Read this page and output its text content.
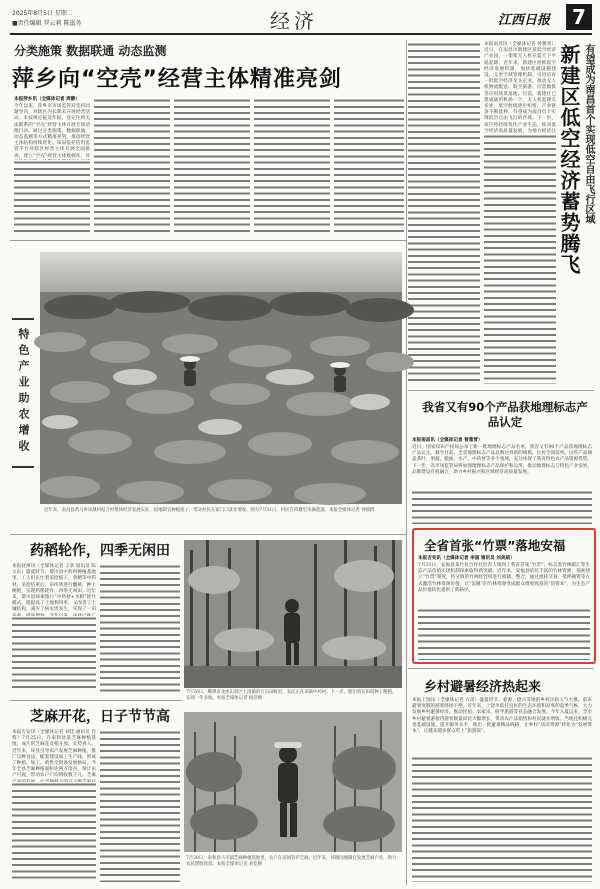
2025年8月5日 星期二
■责任编辑 罗云莉 陈滋务	经济	江西日报	7
分类施策 数据联通 动态监测
萍乡向“空壳”经营主体精准亮剑
本报萍乡讯（全媒体记者 周静）
今年以来，萍乡市市场监管局坚持问题导向，对辖区内长期未开展经营活动、未按规定报送年报、登记住所无法联系的“空壳”经营主体开展专项清理行动，通过分类施策、数据联通、动态监测等方式精准亮剑，推动经营主体结构持续优化。该局依托信用监管平台对辖区经营主体开展全面排查，建立“空壳”经营主体数据库，对
本报南昌讯（全媒体记者 曾雅青）近日，在南昌市新建区某低空经济产业园，一架架无人机在蓝天下平稳起降。近年来，新建区抢抓低空经济发展机遇，加快基础设施建设，完善空域管理机制，引进培育一批低空经济龙头企业，推动无人机物流配送、航空旅游、应急救援等应用场景落地。目前，新建区已建成通用机场一个、无人机起降点多处，低空航线逐步织密，产业链条不断延伸，有望成为南昌首个实现低空自由飞行的区域。下一步，该区将持续优化产业生态，推动低空经济高质量发展，为地方经济注	有望成为南昌首个实现低空自由飞行区域
新建区低空经济蓄势腾飞
特色产业助农增收
近年来，南昌县黄马乡凤凰村结合村集体经济发展实际，因地制宜种植莲子，带动村民在家门口就业增收。图为7月31日，村民在荷塘里采摘莲蓬。本报全媒体记者 钟瑞摄
药稻轮作，四季无闲田
本报抚州讯（全媒体记者 王景 通讯员 陈文东）盛夏时节，黎川县中药材种植基地里，工人们正忙着采挖栀子、黄精等中药材。采挖结束后，田块将进行翻耕，种上晚稻，实现药稻轮作、四季无闲田。近年来，黎川县探索推行“中药材+水稻”轮作模式，既提高了土地利用率，又改善了土壤结构，减少了病虫害发生，实现了一田
7月26日，鹰潭市龙虎山景区上清镇的万亩田畴里，农民正在采摘中药材。下一步，他们将在田间种上晚稻，实现一年多收。本报全媒体记者 杨洋摄
芝麻开花，日子节节高
本报吉安讯（全媒体记者 刘佳 通讯员 肖辉）7月25日，在泰和县某芝麻种植基地，成片的芝麻花竞相开放，长势喜人。近年来，该县引导农户发展芝麻种植，推广良种良法，配套建设加工生产线，形成了种植、加工、销售全链条发展格局。今年全县芝麻种植面积达两万余亩，预计亩产可观，带动农户户均增收数千元。芝麻
7月30日，泰和县马市镇芝麻种植基地里，农户在田间管护芝麻。近年来，该镇因地制宜发展芝麻产业，助力农民增收致富。本报全媒体记者 刘佳摄
我省又有90个产品获地理标志产品认定
本报南昌讯（全媒体记者 曾雅青）
近日，国家知识产权局公布了新一批地理标志产品名单，我省又有90个产品获地理标志产品认定。截至目前，全省地理标志产品总数达到新的规模，位居全国前列。这些产品涵盖茶叶、果蔬、粮油、水产、中药材等多个领域，充分体现了我省特色农产品资源优势。下一步，省市场监管局将加强地理标志产品保护和运用，推动地理标志与特色产业发展、品牌建设有机融合，助力乡村振兴和区域经济高质量发展。
全省首张“竹票”落地安福
本报吉安讯（全媒体记者 李国 通讯员 刘美娟）
7月31日，安福县某竹业合作社负责人领到了我省首张“竹票”，标志着竹林碳汇等生态产品价值实现机制探索取得新突破。近年来，安福县依托丰富的竹林资源，探索建立“竹票”制度，将分散的竹林经营权进行收储、整合，通过流转交易、抵押融资等方式激活竹林资源价值，让“沉睡”的竹林资源变成群众增收致富的“活资本”，为生态产品价值转化提供了新路径。
乡村避暑经济热起来
本报上饶讯（全媒体记者 方清）盛夏时节，婺源、德兴等地的乡村民宿人气火爆，前来避暑度假的游客络绎不绝。近年来，上饶市依托良好的生态环境和凉爽的夏季气候，大力发展乡村避暑经济，推动民宿、农家乐、研学旅游等业态融合发展。今年入夏以来，全市乡村避暑游接待游客数量同比大幅增长，带动农产品销售和村民就业增收。当地还积极完善基础设施、提升服务水平，推出一批避暑精品线路，让乡村“清凉资源”转化为“发展资本”，让越来越多群众吃上“旅游饭”。
